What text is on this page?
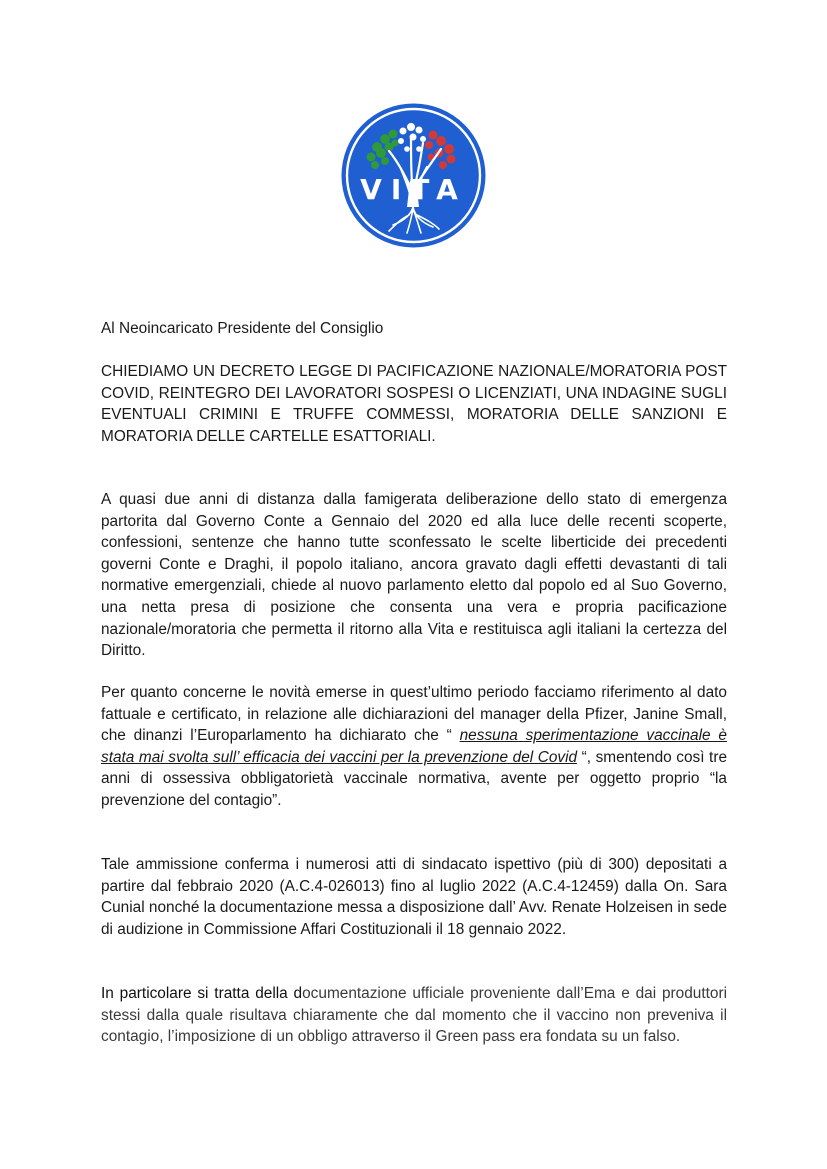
VITA

Al Neoincaricato Presidente del Consiglio

CHIEDIAMO UN DECRETO LEGGE DI PACIFICAZIONE NAZIONALE/MORATORIA POST COVID, REINTEGRO DEI LAVORATORI SOSPESI O LICENZIATI, UNA INDAGINE SUGLI EVENTUALI CRIMINI E TRUFFE COMMESSI, MORATORIA DELLE SANZIONI E MORATORIA DELLE CARTELLE ESATTORIALI.

A quasi due anni di distanza dalla famigerata deliberazione dello stato di emergenza partorita dal Governo Conte a Gennaio del 2020 ed alla luce delle recenti scoperte, confessioni, sentenze che hanno tutte sconfessato le scelte liberticide dei precedenti governi Conte e Draghi, il popolo italiano, ancora gravato dagli effetti devastanti di tali normative emergenziali, chiede al nuovo parlamento eletto dal popolo ed al Suo Governo, una netta presa di posizione che consenta una vera e propria pacificazione nazionale/moratoria che permetta il ritorno alla Vita e restituisca agli italiani la certezza del Diritto.

Per quanto concerne le novità emerse in quest’ultimo periodo facciamo riferimento al dato fattuale e certificato, in relazione alle dichiarazioni del manager della Pfizer, Janine Small, che dinanzi l’Europarlamento ha dichiarato che “ nessuna sperimentazione vaccinale è stata mai svolta sull’ efficacia dei vaccini per la prevenzione del Covid “, smentendo così tre anni di ossessiva obbligatorietà vaccinale normativa, avente per oggetto proprio “la prevenzione del contagio”.

Tale ammissione conferma i numerosi atti di sindacato ispettivo (più di 300) depositati a partire dal febbraio 2020 (A.C.4-026013) fino al luglio 2022 (A.C.4-12459) dalla On. Sara Cunial nonché la documentazione messa a disposizione dall’ Avv. Renate Holzeisen in sede di audizione in Commissione Affari Costituzionali il 18 gennaio 2022.

In particolare si tratta della documentazione ufficiale proveniente dall’Ema e dai produttori stessi dalla quale risultava chiaramente che dal momento che il vaccino non preveniva il contagio, l’imposizione di un obbligo attraverso il Green pass era fondata su un falso.
